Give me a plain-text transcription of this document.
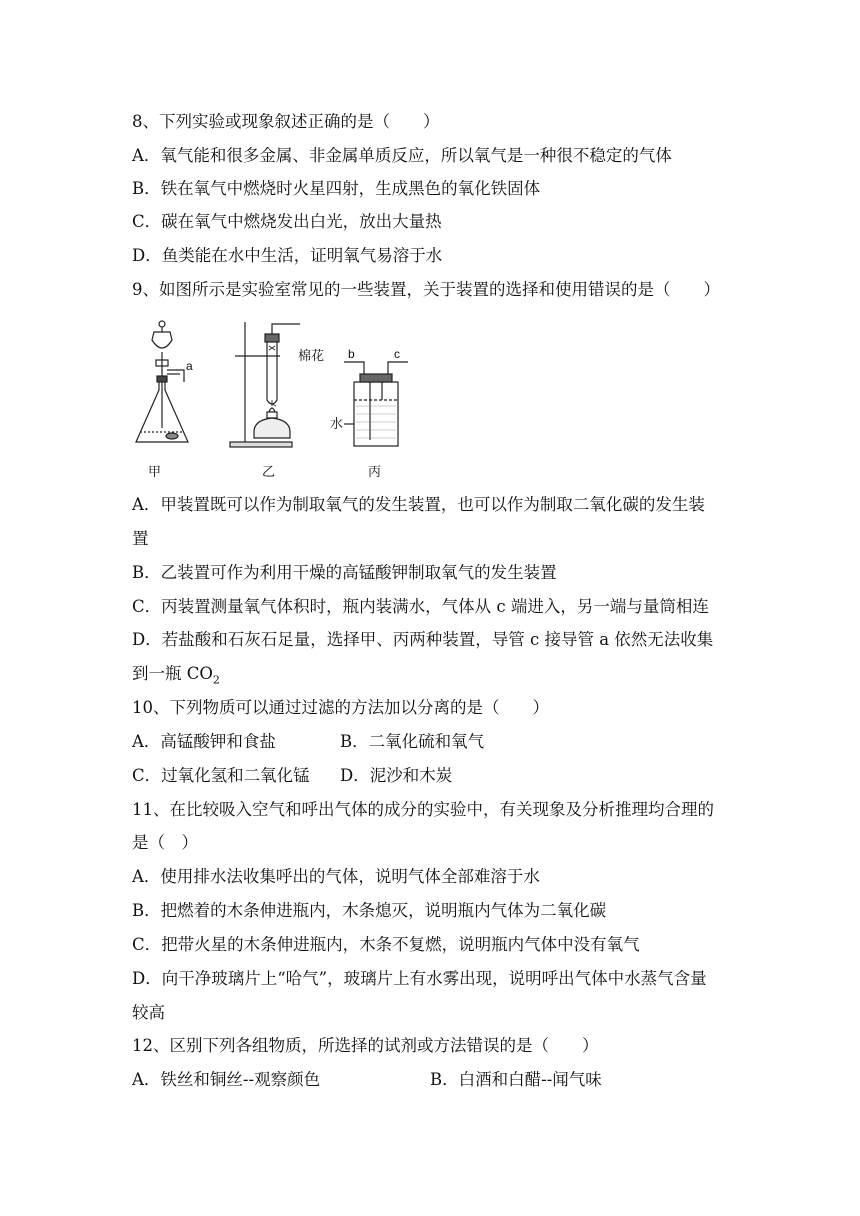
8、下列实验或现象叙述正确的是（　　）
A．氧气能和很多金属、非金属单质反应，所以氧气是一种很不稳定的气体
B．铁在氧气中燃烧时火星四射，生成黑色的氧化铁固体
C．碳在氧气中燃烧发出白光，放出大量热
D．鱼类能在水中生活，证明氧气易溶于水
9、如图所示是实验室常见的一些装置，关于装置的选择和使用错误的是（　　）
a
棉花 b	c
水
甲	乙	丙
A．甲装置既可以作为制取氧气的发生装置，也可以作为制取二氧化碳的发生装
置
B．乙装置可作为利用干燥的高锰酸钾制取氧气的发生装置
C．丙装置测量氧气体积时，瓶内装满水，气体从 c 端进入，另一端与量筒相连
D．若盐酸和石灰石足量，选择甲、丙两种装置，导管 c 接导管 a 依然无法收集
到一瓶 $CO_2$
10、下列物质可以通过过滤的方法加以分离的是（　　）
A．高锰酸钾和食盐	B．二氧化硫和氧气
C．过氧化氢和二氧化锰 D．泥沙和木炭
11、在比较吸入空气和呼出气体的成分的实验中，有关现象及分析推理均合理的
是（　）
A．使用排水法收集呼出的气体，说明气体全部难溶于水
B．把燃着的木条伸进瓶内，木条熄灭，说明瓶内气体为二氧化碳
C．把带火星的木条伸进瓶内，木条不复燃，说明瓶内气体中没有氧气
D．向干净玻璃片上“哈气”，玻璃片上有水雾出现，说明呼出气体中水蒸气含量
较高
12、区别下列各组物质，所选择的试剂或方法错误的是（　　）
A．铁丝和铜丝--观察颜色	B．白酒和白醋--闻气味
